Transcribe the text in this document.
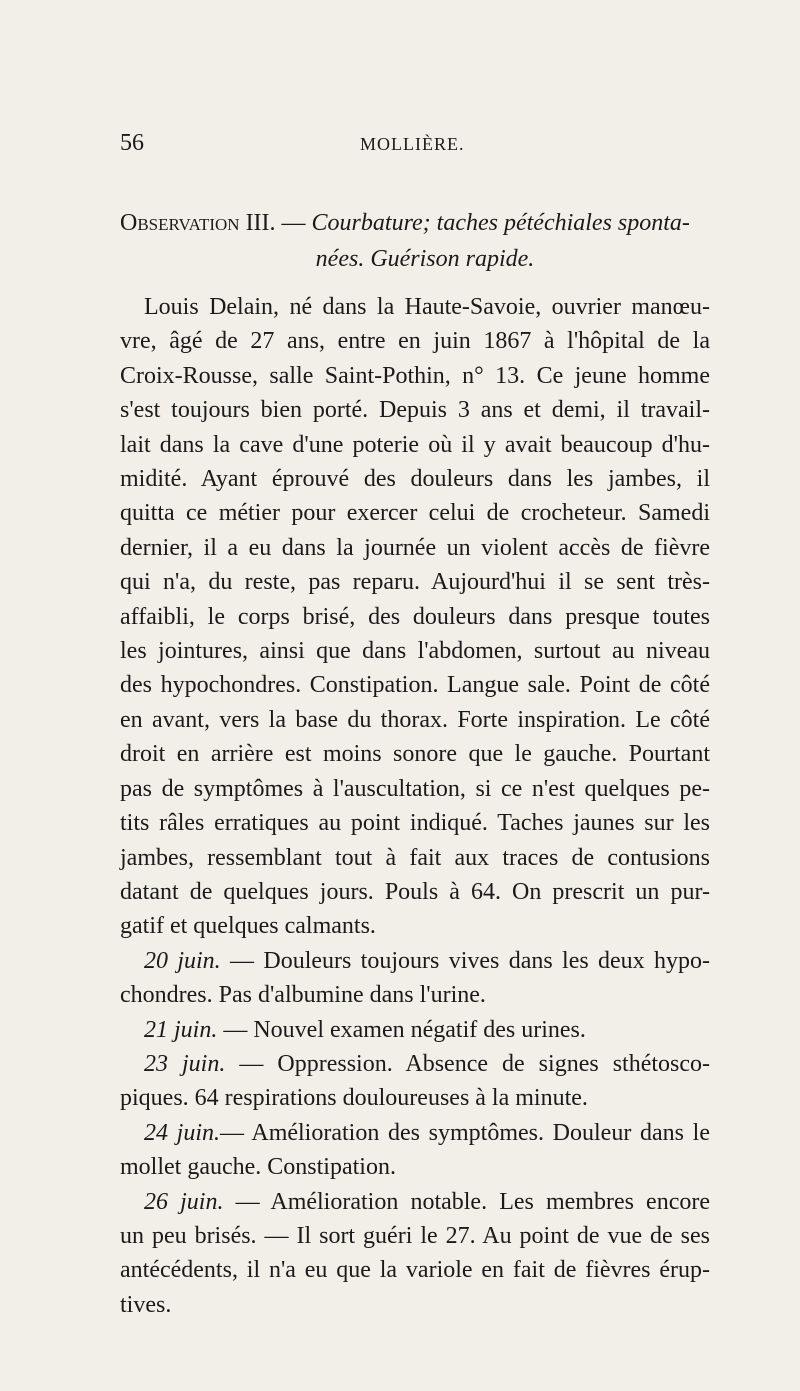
56	MOLLIÈRE.
Observation III. — Courbature; taches pétéchiales sponta-
nées. Guérison rapide.
Louis Delain, né dans la Haute-Savoie, ouvrier manœu-
vre, âgé de 27 ans, entre en juin 1867 à l'hôpital de la
Croix-Rousse, salle Saint-Pothin, n° 13. Ce jeune homme
s'est toujours bien porté. Depuis 3 ans et demi, il travail-
lait dans la cave d'une poterie où il y avait beaucoup d'hu-
midité. Ayant éprouvé des douleurs dans les jambes, il
quitta ce métier pour exercer celui de crocheteur. Samedi
dernier, il a eu dans la journée un violent accès de fièvre
qui n'a, du reste, pas reparu. Aujourd'hui il se sent très-
affaibli, le corps brisé, des douleurs dans presque toutes
les jointures, ainsi que dans l'abdomen, surtout au niveau
des hypochondres. Constipation. Langue sale. Point de côté
en avant, vers la base du thorax. Forte inspiration. Le côté
droit en arrière est moins sonore que le gauche. Pourtant
pas de symptômes à l'auscultation, si ce n'est quelques pe-
tits râles erratiques au point indiqué. Taches jaunes sur les
jambes, ressemblant tout à fait aux traces de contusions
datant de quelques jours. Pouls à 64. On prescrit un pur-
gatif et quelques calmants.
20 juin. — Douleurs toujours vives dans les deux hypo-
chondres. Pas d'albumine dans l'urine.
21 juin. — Nouvel examen négatif des urines.
23 juin. — Oppression. Absence de signes sthétosco-
piques. 64 respirations douloureuses à la minute.
24 juin.— Amélioration des symptômes. Douleur dans le
mollet gauche. Constipation.
26 juin. — Amélioration notable. Les membres encore
un peu brisés. — Il sort guéri le 27. Au point de vue de ses
antécédents, il n'a eu que la variole en fait de fièvres érup-
tives.
